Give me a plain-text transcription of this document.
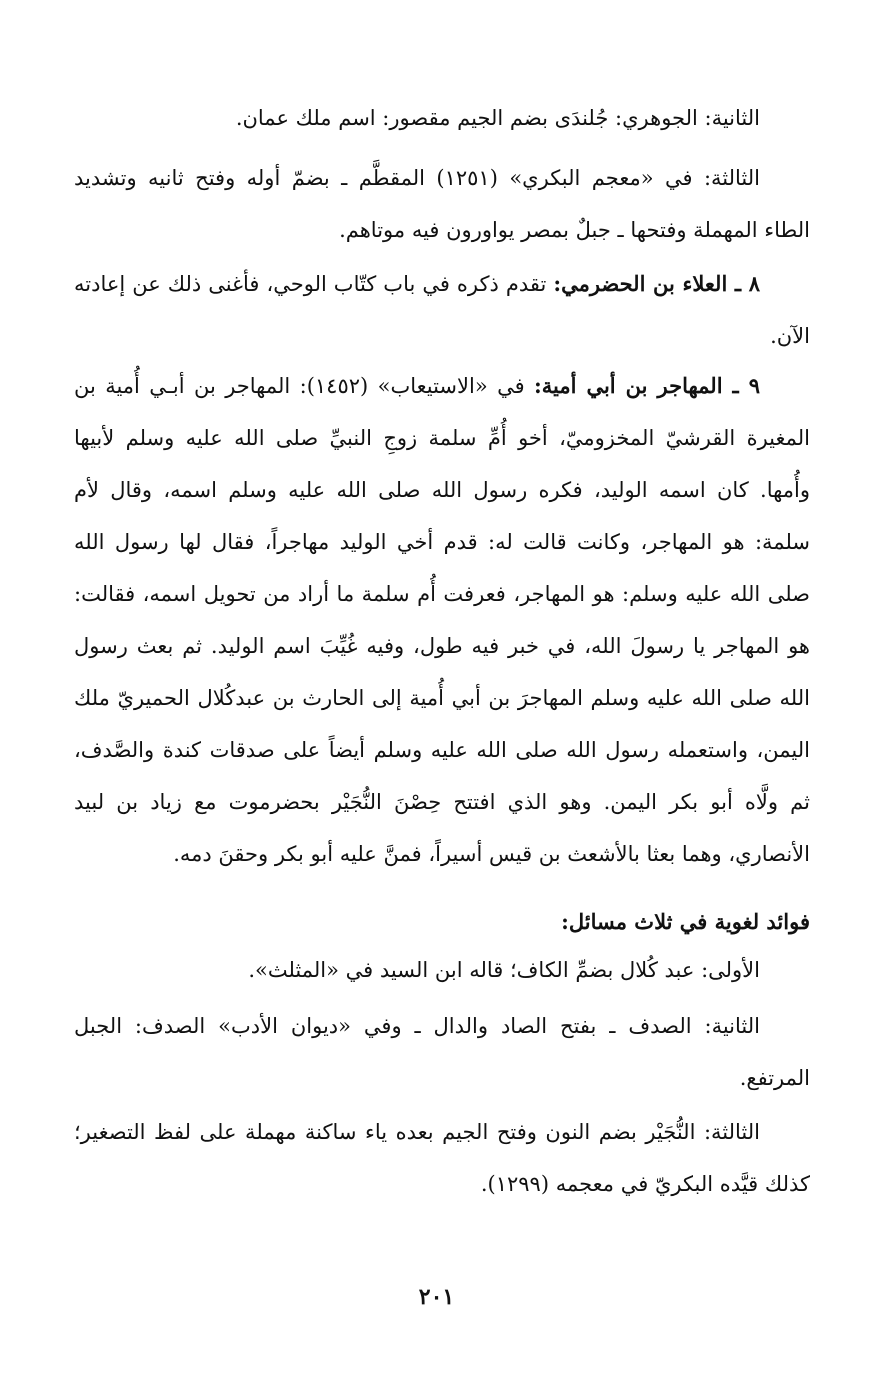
الثانية: الجوهري: جُلندَى بضم الجيم مقصور: اسم ملك عمان.

الثالثة: في «معجم البكري» (١٢٥١) المقطَّم ـ بضمّ أوله وفتح ثانيه وتشديد الطاء المهملة وفتحها ـ جبلٌ بمصر يواورون فيه موتاهم.

٨ ـ العلاء بن الحضرمي: تقدم ذكره في باب كتّاب الوحي، فأغنى ذلك عن إعادته الآن.

٩ ـ المهاجر بن أبي أمية: في «الاستيعاب» (١٤٥٢): المهاجر بن أبـي أُمية بن المغيرة القرشيّ المخزوميّ، أخو أُمِّ سلمة زوجِ النبيِّ صلى الله عليه وسلم لأبيها وأُمها. كان اسمه الوليد، فكره رسول الله صلى الله عليه وسلم اسمه، وقال لأم سلمة: هو المهاجر، وكانت قالت له: قدم أخي الوليد مهاجراً، فقال لها رسول الله صلى الله عليه وسلم: هو المهاجر، فعرفت أُم سلمة ما أراد من تحويل اسمه، فقالت: هو المهاجر يا رسولَ الله، في خبر فيه طول، وفيه غُيِّبَ اسم الوليد. ثم بعث رسول الله صلى الله عليه وسلم المهاجرَ بن أبي أُمية إلى الحارث بن عبدكُلال الحميريّ ملك اليمن، واستعمله رسول الله صلى الله عليه وسلم أيضاً على صدقات كندة والصَّدف، ثم ولَّاه أبو بكر اليمن. وهو الذي افتتح حِصْنَ النُّجَيْر بحضرموت مع زياد بن لبيد الأنصاري، وهما بعثا بالأشعث بن قيس أسيراً، فمنَّ عليه أبو بكر وحقنَ دمه.

فوائد لغوية في ثلاث مسائل:

الأولى: عبد كُلال بضمِّ الكاف؛ قاله ابن السيد في «المثلث».

الثانية: الصدف ـ بفتح الصاد والدال ـ وفي «ديوان الأدب» الصدف: الجبل المرتفع.

الثالثة: النُّجَيْر بضم النون وفتح الجيم بعده ياء ساكنة مهملة على لفظ التصغير؛ كذلك قيَّده البكريّ في معجمه (١٢٩٩).

٢٠١
